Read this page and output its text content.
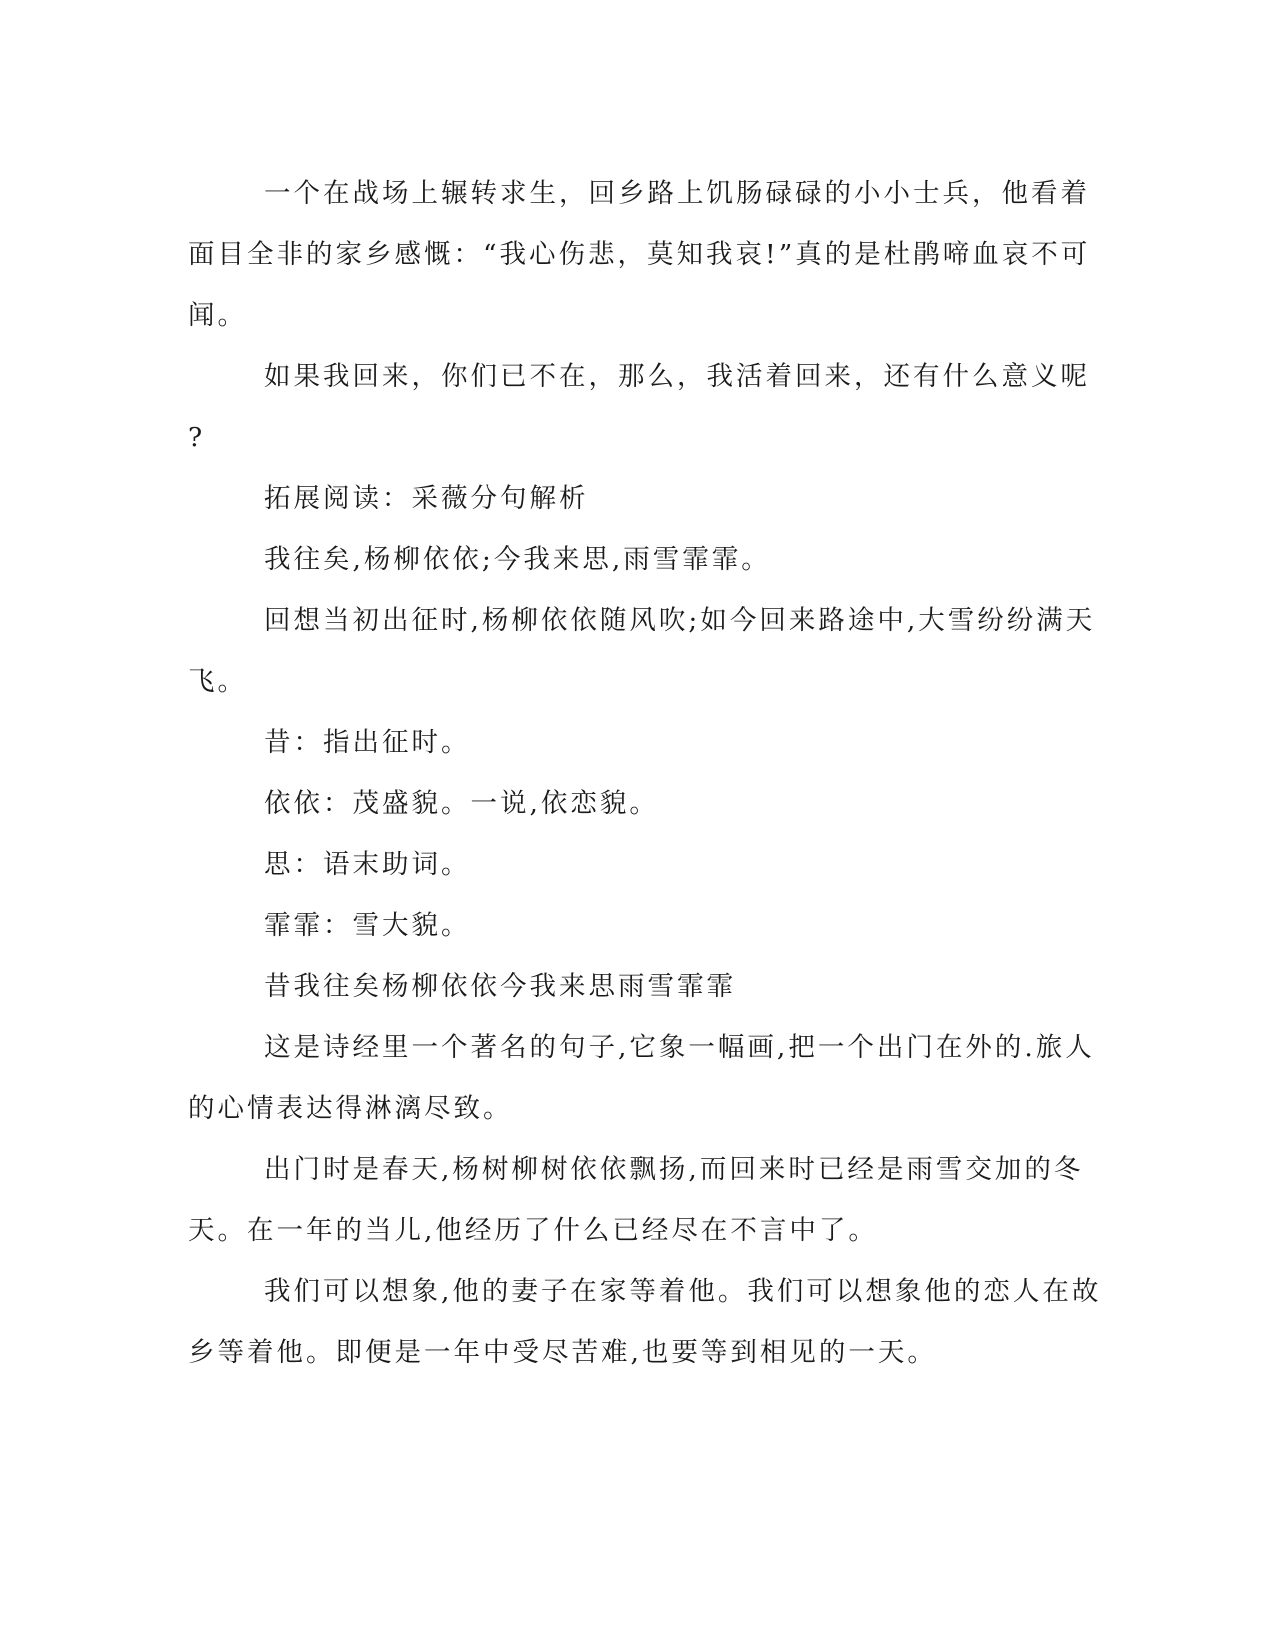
一个在战场上辗转求生，回乡路上饥肠碌碌的小小士兵，他看着
面目全非的家乡感慨：“我心伤悲，莫知我哀!”真的是杜鹃啼血哀不可
闻。
如果我回来，你们已不在，那么，我活着回来，还有什么意义呢
?
拓展阅读：采薇分句解析
我往矣,杨柳依依;今我来思,雨雪霏霏。
回想当初出征时,杨柳依依随风吹;如今回来路途中,大雪纷纷满天
飞。
昔：指出征时。
依依：茂盛貌。一说,依恋貌。
思：语末助词。
霏霏：雪大貌。
昔我往矣杨柳依依今我来思雨雪霏霏
这是诗经里一个著名的句子,它象一幅画,把一个出门在外的.旅人
的心情表达得淋漓尽致。
出门时是春天,杨树柳树依依飘扬,而回来时已经是雨雪交加的冬
天。在一年的当儿,他经历了什么已经尽在不言中了。
我们可以想象,他的妻子在家等着他。我们可以想象他的恋人在故
乡等着他。即便是一年中受尽苦难,也要等到相见的一天。
